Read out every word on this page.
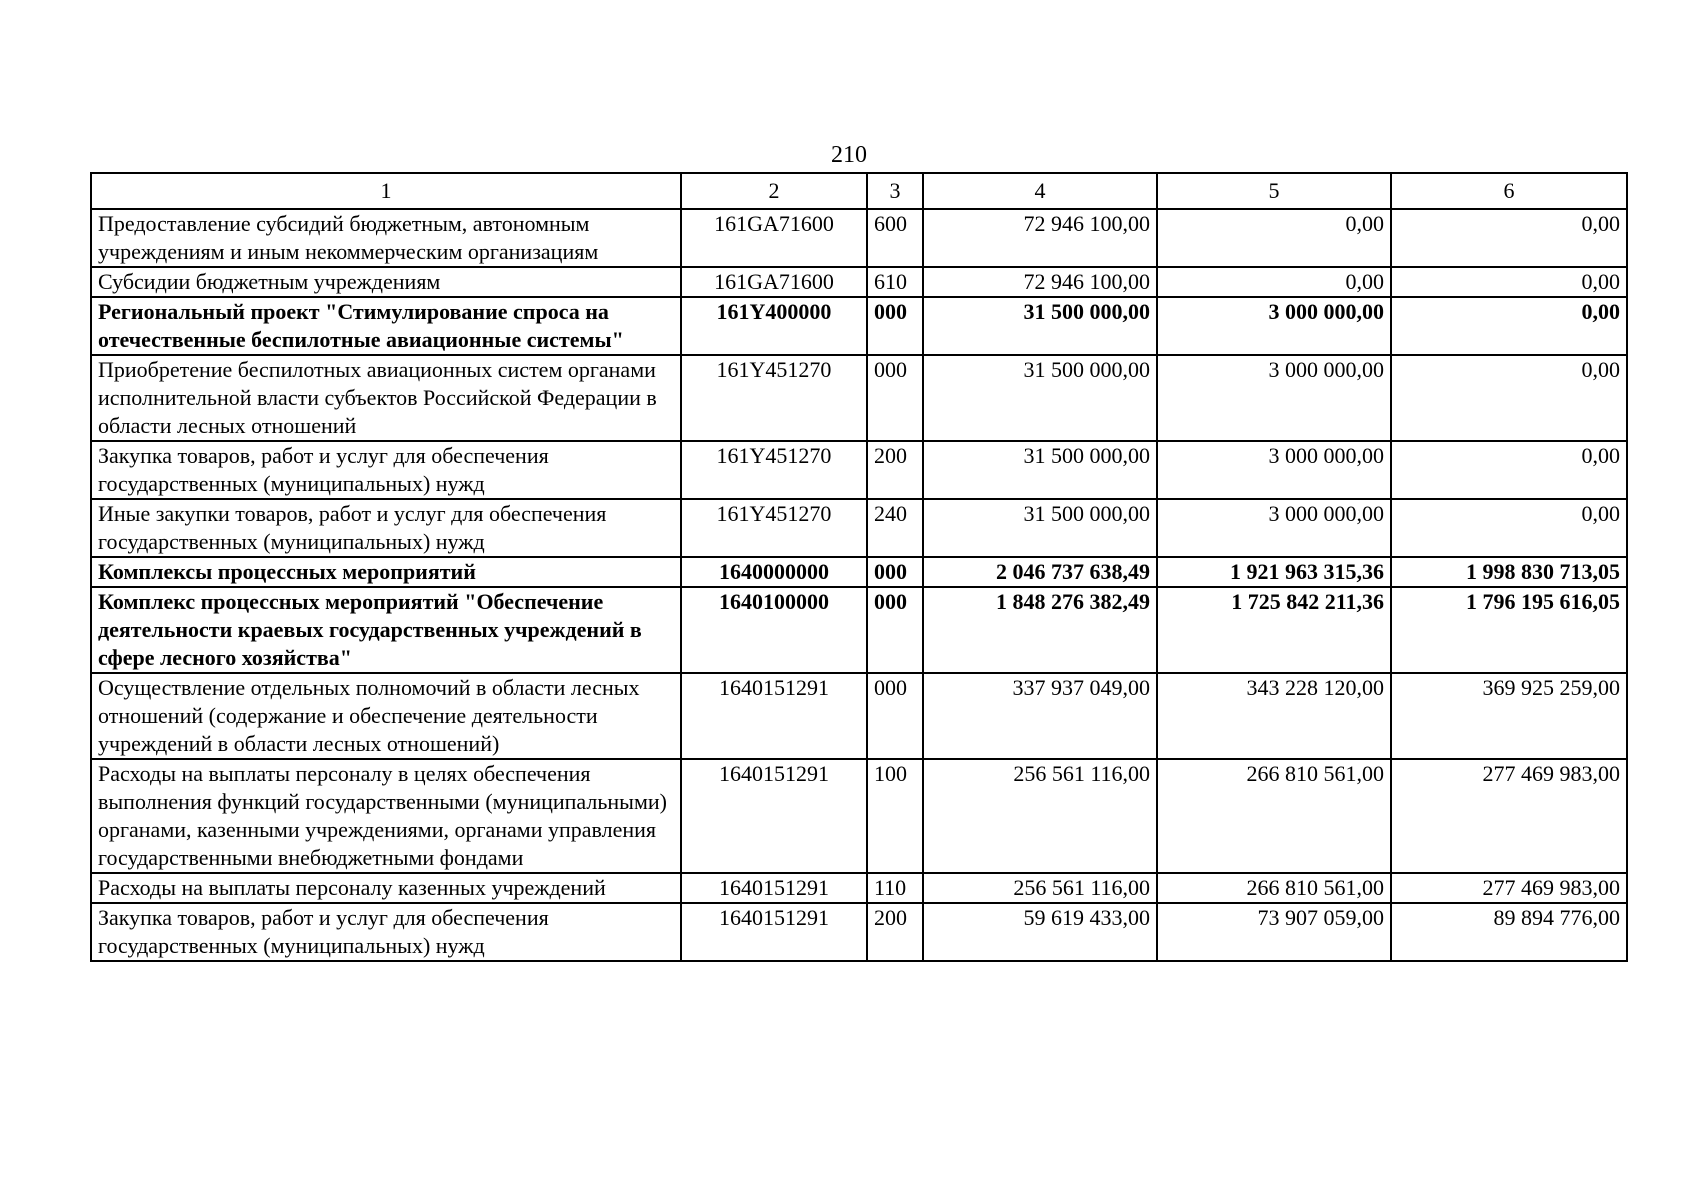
210
1	2	3	4	5	6
Предоставление субсидий бюджетным, автономным учреждениям и иным некоммерческим организациям	161GA71600	600	72 946 100,00	0,00	0,00
Субсидии бюджетным учреждениям	161GA71600	610	72 946 100,00	0,00	0,00
Региональный проект "Стимулирование спроса на отечественные беспилотные авиационные системы"	161Y400000	000	31 500 000,00	3 000 000,00	0,00
Приобретение беспилотных авиационных систем органами исполнительной власти субъектов Российской Федерации в области лесных отношений	161Y451270	000	31 500 000,00	3 000 000,00	0,00
Закупка товаров, работ и услуг для обеспечения государственных (муниципальных) нужд	161Y451270	200	31 500 000,00	3 000 000,00	0,00
Иные закупки товаров, работ и услуг для обеспечения государственных (муниципальных) нужд	161Y451270	240	31 500 000,00	3 000 000,00	0,00
Комплексы процессных мероприятий	1640000000	000	2 046 737 638,49	1 921 963 315,36	1 998 830 713,05
Комплекс процессных мероприятий "Обеспечение деятельности краевых государственных учреждений в сфере лесного хозяйства"	1640100000	000	1 848 276 382,49	1 725 842 211,36	1 796 195 616,05
Осуществление отдельных полномочий в области лесных отношений (содержание и обеспечение деятельности учреждений в области лесных отношений)	1640151291	000	337 937 049,00	343 228 120,00	369 925 259,00
Расходы на выплаты персоналу в целях обеспечения выполнения функций государственными (муниципальными) органами, казенными учреждениями, органами управления государственными внебюджетными фондами	1640151291	100	256 561 116,00	266 810 561,00	277 469 983,00
Расходы на выплаты персоналу казенных учреждений	1640151291	110	256 561 116,00	266 810 561,00	277 469 983,00
Закупка товаров, работ и услуг для обеспечения государственных (муниципальных) нужд	1640151291	200	59 619 433,00	73 907 059,00	89 894 776,00
